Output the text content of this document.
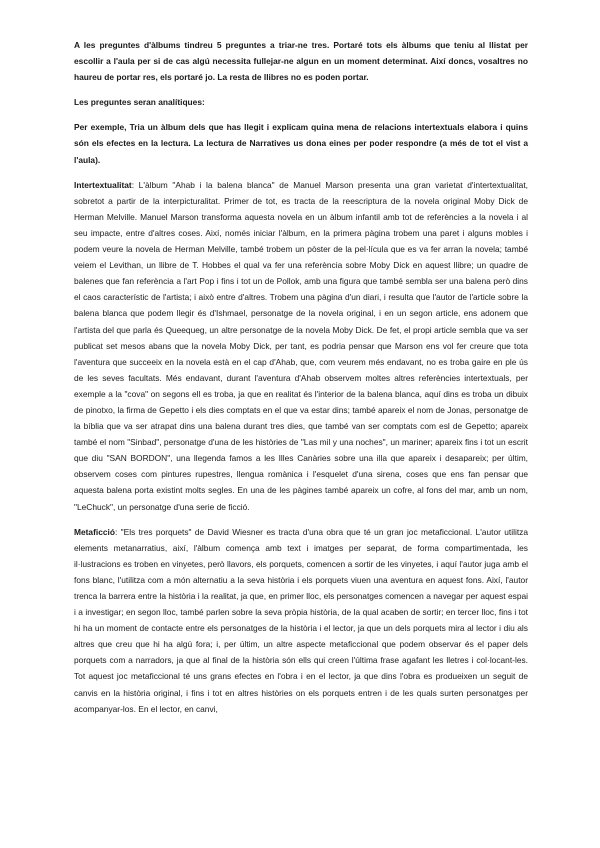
A les preguntes d'àlbums tindreu 5 preguntes a triar-ne tres. Portaré tots els àlbums que teniu al llistat per escollir a l'aula per si de cas algú necessita fullejar-ne algun en un moment determinat. Així doncs, vosaltres no haureu de portar res, els portaré jo. La resta de llibres no es poden portar.

Les preguntes seran analítiques:

Per exemple, Tria un àlbum dels que has llegit i explicam quina mena de relacions intertextuals elabora i quins són els efectes en la lectura. La lectura de Narratives us dona eines per poder respondre (a més de tot el vist a l'aula).

Intertextualitat: L'àlbum "Ahab i la balena blanca" de Manuel Marson presenta una gran varietat d'intertextualitat, sobretot a partir de la interpicturalitat. Primer de tot, es tracta de la reescriptura de la novela original Moby Dick de Herman Melville. Manuel Marson transforma aquesta novela en un àlbum infantil amb tot de referències a la novela i al seu impacte, entre d'altres coses. Així, només iniciar l'àlbum, en la primera pàgina trobem una paret i alguns mobles i podem veure la novela de Herman Melville, també trobem un pòster de la pel·lícula que es va fer arran la novela; també veiem el Levithan, un llibre de T. Hobbes el qual va fer una referència sobre Moby Dick en aquest llibre; un quadre de balenes que fan referència a l'art Pop i fins i tot un de Pollok, amb una figura que també sembla ser una balena però dins el caos característic de l'artista; i això entre d'altres. Trobem una pàgina d'un diari, i resulta que l'autor de l'article sobre la balena blanca que podem llegir és d'Ishmael, personatge de la novela original, i en un segon article, ens adonem que l'artista del que parla és Queequeg, un altre personatge de la novela Moby Dick. De fet, el propi article sembla que va ser publicat set mesos abans que la novela Moby Dick, per tant, es podria pensar que Marson ens vol fer creure que tota l'aventura que succeeix en la novela està en el cap d'Ahab, que, com veurem més endavant, no es troba gaire en ple ús de les seves facultats. Més endavant, durant l'aventura d'Ahab observem moltes altres referències intertextuals, per exemple a la "cova" on segons ell es troba, ja que en realitat és l'interior de la balena blanca, aquí dins es troba un dibuix de pinotxo, la firma de Gepetto i els dies comptats en el que va estar dins; també apareix el nom de Jonas, personatge de la bíblia que va ser atrapat dins una balena durant tres dies, que també van ser comptats com esl de Gepetto; apareix també el nom "Sinbad", personatge d'una de les històries de "Las mil y una noches", un mariner; apareix fins i tot un escrit que diu "SAN BORDON", una llegenda famos a les Illes Canàries sobre una illa que apareix i desapareix; per últim, observem coses com pintures rupestres, llengua romànica i l'esquelet d'una sirena, coses que ens fan pensar que aquesta balena porta existint molts segles. En una de les pàgines també apareix un cofre, al fons del mar, amb un nom, "LeChuck", un personatge d'una serie de ficció.

Metaficció: "Els tres porquets" de David Wiesner es tracta d'una obra que té un gran joc metaficcional. L'autor utilitza elements metanarratius, així, l'àlbum comença amb text i imatges per separat, de forma compartimentada, les il·lustracions es troben en vinyetes, però llavors, els porquets, comencen a sortir de les vinyetes, i aquí l'autor juga amb el fons blanc, l'utilitza com a món alternatiu a la seva història i els porquets viuen una aventura en aquest fons. Així, l'autor trenca la barrera entre la història i la realitat, ja que, en primer lloc, els personatges comencen a navegar per aquest espai i a investigar; en segon lloc, també parlen sobre la seva pròpia història, de la qual acaben de sortir; en tercer lloc, fins i tot hi ha un moment de contacte entre els personatges de la història i el lector, ja que un dels porquets mira al lector i diu als altres que creu que hi ha algú fora; i, per últim, un altre aspecte metaficcional que podem observar és el paper dels porquets com a narradors, ja que al final de la història són ells qui creen l'última frase agafant les lletres i col·locant-les. Tot aquest joc metaficcional té uns grans efectes en l'obra i en el lector, ja que dins l'obra es produeixen un seguit de canvis en la història original, i fins i tot en altres històries on els porquets entren i de les quals surten personatges per acompanyar-los. En el lector, en canvi,
